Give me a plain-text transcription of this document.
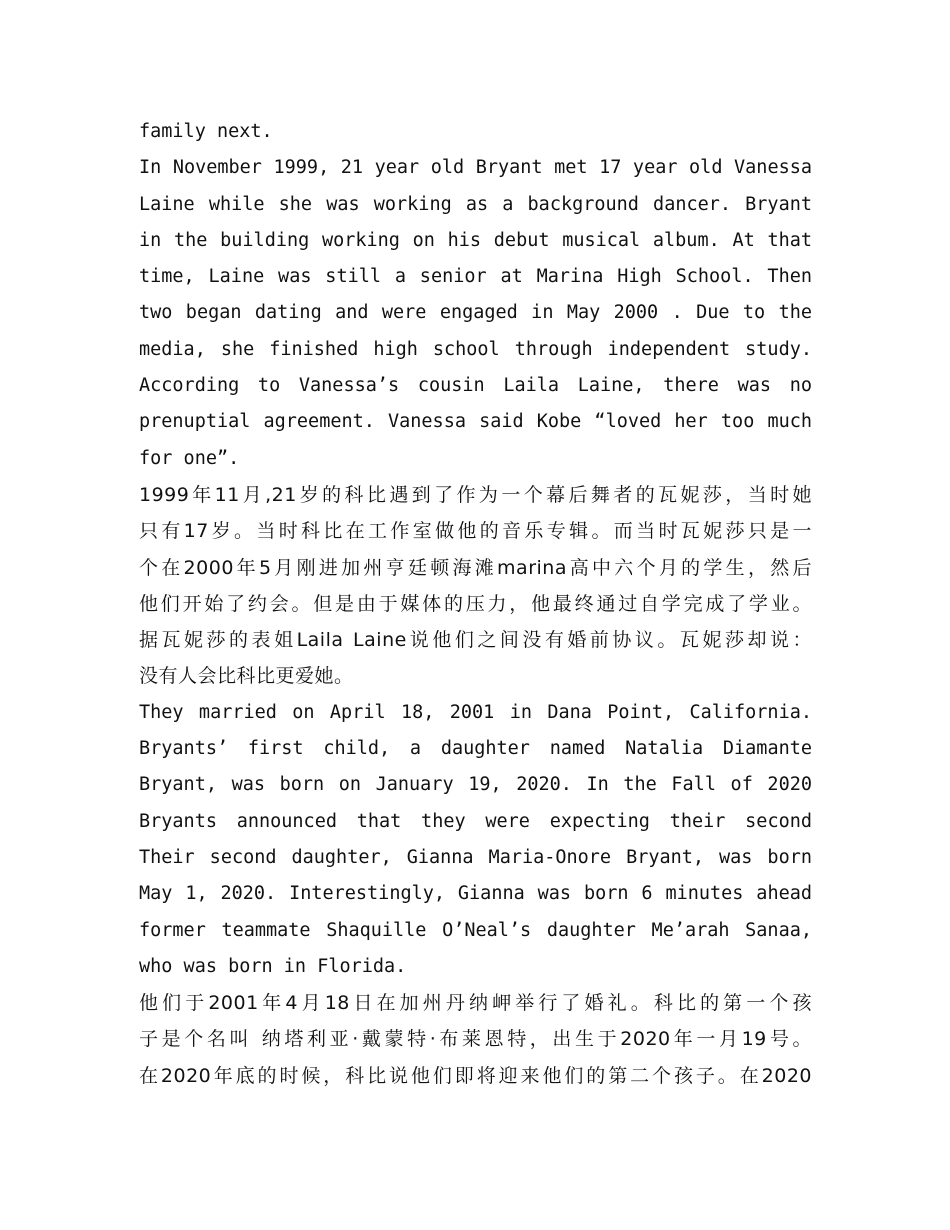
family next.
In November 1999, 21 year old Bryant met 17 year old Vanessa
Laine while she was working as a background dancer. Bryant
in the building working on his debut musical album. At that
time, Laine was still a senior at Marina High School. Then
two began dating and were engaged in May 2000 . Due to the
media, she finished high school through independent study.
According to Vanessa’s cousin Laila Laine, there was no
prenuptial agreement. Vanessa said Kobe “loved her too much
for one”.
1999年11月,21岁的科比遇到了作为一个幕后舞者的瓦妮莎，当时她
只有17岁。当时科比在工作室做他的音乐专辑。而当时瓦妮莎只是一
个在2000年5月刚进加州亨廷顿海滩marina高中六个月的学生，然后
他们开始了约会。但是由于媒体的压力，他最终通过自学完成了学业。
据瓦妮莎的表姐Laila Laine说他们之间没有婚前协议。瓦妮莎却说：
没有人会比科比更爱她。
They married on April 18, 2001 in Dana Point, California.
Bryants’ first child, a daughter named Natalia Diamante
Bryant, was born on January 19, 2020. In the Fall of 2020
Bryants announced that they were expecting their second
Their second daughter, Gianna Maria-Onore Bryant, was born
May 1, 2020. Interestingly, Gianna was born 6 minutes ahead
former teammate Shaquille O’Neal’s daughter Me’arah Sanaa,
who was born in Florida.
他们于2001年4月18日在加州丹纳岬举行了婚礼。科比的第一个孩
子是个名叫 纳塔利亚·戴蒙特·布莱恩特，出生于2020年一月19号。
在2020年底的时候，科比说他们即将迎来他们的第二个孩子。在2020
